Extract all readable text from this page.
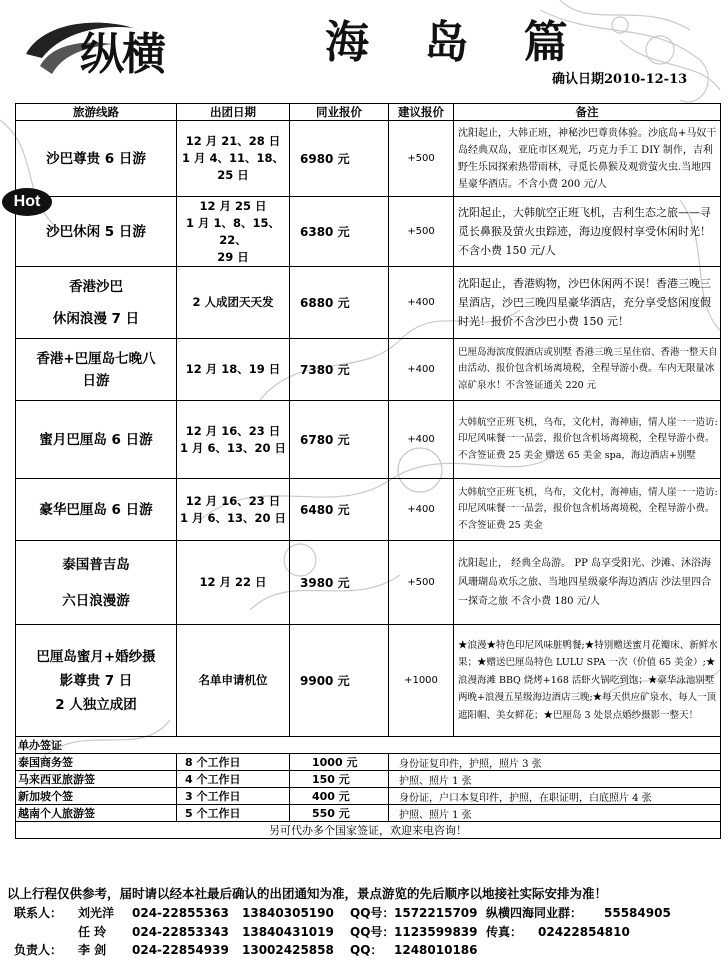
纵横	海 岛 篇
确认日期2010-12-13
Hot
旅游线路	出团日期	同业报价	建议报价	备注

沙巴尊贵 6 日游	12 月 21、28 日
1 月 4、11、18、
25 日	6980 元	+500	沈阳起止，大韩正班，神秘沙巴尊贵体验。沙底岛+马奴干岛经典双岛，亚庇市区观光，巧克力手工 DIY 制作，吉利野生乐园探索热带雨林，寻觅长鼻猴及观赏萤火虫.当地四星豪华酒店。不含小费 200 元/人

沙巴休闲 5 日游	12 月 25 日
1 月 1、8、15、22、
29 日	6380 元	+500	沈阳起止，大韩航空正班飞机，吉利生态之旅——寻觅长鼻猴及萤火虫踪迹，海边度假村享受休闲时光！不含小费 150 元/人

香港沙巴
休闲浪漫 7 日	2 人成团天天发	6880 元	+400	沈阳起止，香港购物，沙巴休闲两不误！香港三晚三星酒店，沙巴三晚四星豪华酒店，充分享受悠闲度假时光！报价不含沙巴小费 150 元！

香港+巴厘岛七晚八
日游	12 月 18、19 日	7380 元	+400	巴厘岛海滨度假酒店或别墅 香港三晚三星住宿、香港一整天自由活动、报价包含机场离境税，全程导游小费。车内无限量冰凉矿泉水！不含签证通关 220 元

蜜月巴厘岛 6 日游	12 月 16、23 日
1 月 6、13、20 日	6780 元	+400	大韩航空正班飞机，乌布，文化村，海神庙，情人崖一一造访:印尼风味餐一一品尝，报价包含机场离境税，全程导游小费。不含签证费 25 美金 赠送 65 美金 spa，海边酒店+别墅

豪华巴厘岛 6 日游	12 月 16、23 日
1 月 6、13、20 日	6480 元	+400	大韩航空正班飞机，乌布，文化村，海神庙，情人崖一一造访:印尼风味餐一一品尝，报价包含机场离境税，全程导游小费。不含签证费 25 美金

泰国普吉岛
六日浪漫游	12 月 22 日	3980 元	+500	沈阳起止， 经典全岛游。 PP 岛享受阳光、沙滩、沐浴海风珊瑚岛欢乐之旅、当地四星级豪华海边酒店 沙法里四合一探奇之旅 不含小费 180 元/人

巴厘岛蜜月+婚纱摄
影尊贵 7 日
2 人独立成团	名单申请机位	9900 元	+1000	★浪漫★特色印尼风味脏鸭餐;★特别赠送蜜月花瓣床、新鲜水果；★赠送巴厘岛特色 LULU SPA 一次（价值 65 美金）;★浪漫海滩 BBQ 烧烤+168 活虾火锅吃到饱；★豪华泳池别墅两晚+浪漫五星级海边酒店三晚;★每天供应矿泉水、每人一顶遮阳帽、美女鲜花；★巴厘岛 3 处景点婚纱摄影一整天！
单办签证				
泰国商务签	8 个工作日	1000 元	身份证复印件，护照，照片 3 张	
马来西亚旅游签	4 个工作日	150 元	护照、照片 1 张	
新加坡个签	3 个工作日	400 元	身份证，户口本复印件，护照，在职证明，白底照片 4 张	
越南个人旅游签	5 个工作日	550 元	护照、照片 1 张	
另可代办多个国家签证，欢迎来电咨询！				
以上行程仅供参考，届时请以经本社最后确认的出团通知为准，景点游览的先后顺序以地接社实际安排为准！
联系人： 刘光洋 024-22855363 13840305190 QQ号：1572215709 纵横四海同业群： 55584905
任 玲 024-22853343 13840431019 QQ号：1123599839 传真： 02422854810
负责人： 李 剑 024-22854939 13002425858 QQ： 1248010186
